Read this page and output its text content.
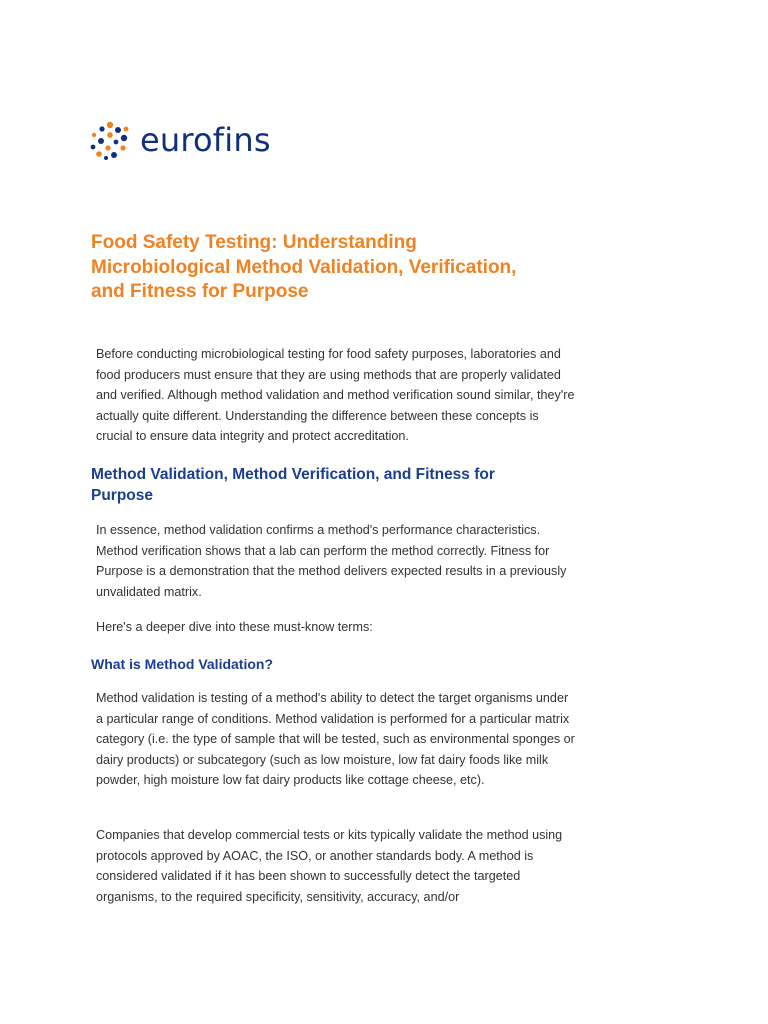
eurofins
Food Safety Testing: Understanding Microbiological Method Validation, Verification, and Fitness for Purpose

Before conducting microbiological testing for food safety purposes, laboratories and food producers must ensure that they are using methods that are properly validated and verified. Although method validation and method verification sound similar, they're actually quite different. Understanding the difference between these concepts is crucial to ensure data integrity and protect accreditation.

Method Validation, Method Verification, and Fitness for Purpose

In essence, method validation confirms a method's performance characteristics. Method verification shows that a lab can perform the method correctly. Fitness for Purpose is a demonstration that the method delivers expected results in a previously unvalidated matrix.

Here's a deeper dive into these must-know terms:

What is Method Validation?

Method validation is testing of a method's ability to detect the target organisms under a particular range of conditions. Method validation is performed for a particular matrix category (i.e. the type of sample that will be tested, such as environmental sponges or dairy products) or subcategory (such as low moisture, low fat dairy foods like milk powder, high moisture low fat dairy products like cottage cheese, etc).

Companies that develop commercial tests or kits typically validate the method using protocols approved by AOAC, the ISO, or another standards body. A method is considered validated if it has been shown to successfully detect the targeted organisms, to the required specificity, sensitivity, accuracy, and/or
